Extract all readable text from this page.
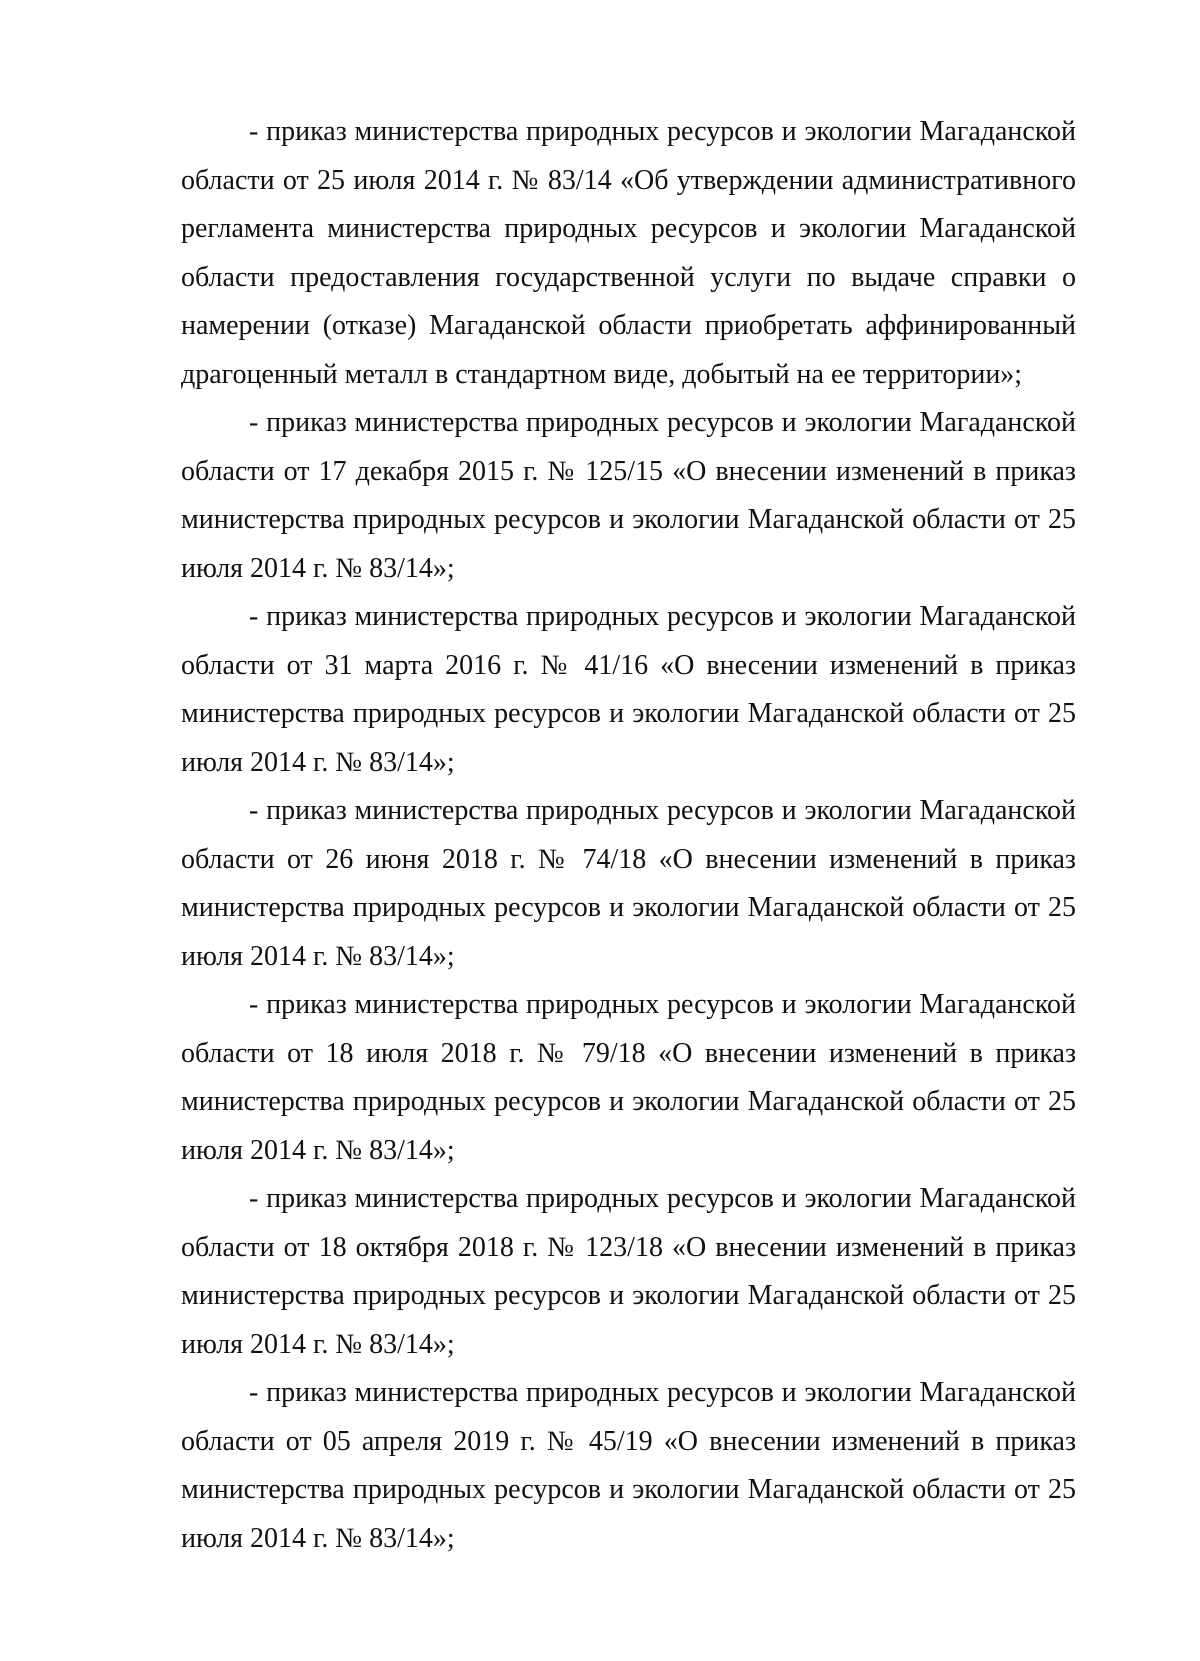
- приказ министерства природных ресурсов и экологии Магаданской области от 25 июля 2014 г. № 83/14 «Об утверждении административного регламента министерства природных ресурсов и экологии Магаданской области предоставления государственной услуги по выдаче справки о намерении (отказе) Магаданской области приобретать аффинированный драгоценный металл в стандартном виде, добытый на ее территории»;

- приказ министерства природных ресурсов и экологии Магаданской области от 17 декабря 2015 г. № 125/15 «О внесении изменений в приказ министерства природных ресурсов и экологии Магаданской области от 25 июля 2014 г. № 83/14»;

- приказ министерства природных ресурсов и экологии Магаданской области от 31 марта 2016 г. № 41/16 «О внесении изменений в приказ министерства природных ресурсов и экологии Магаданской области от 25 июля 2014 г. № 83/14»;

- приказ министерства природных ресурсов и экологии Магаданской области от 26 июня 2018 г. № 74/18 «О внесении изменений в приказ министерства природных ресурсов и экологии Магаданской области от 25 июля 2014 г. № 83/14»;

- приказ министерства природных ресурсов и экологии Магаданской области от 18 июля 2018 г. № 79/18 «О внесении изменений в приказ министерства природных ресурсов и экологии Магаданской области от 25 июля 2014 г. № 83/14»;

- приказ министерства природных ресурсов и экологии Магаданской области от 18 октября 2018 г. № 123/18 «О внесении изменений в приказ министерства природных ресурсов и экологии Магаданской области от 25 июля 2014 г. № 83/14»;

- приказ министерства природных ресурсов и экологии Магаданской области от 05 апреля 2019 г. № 45/19 «О внесении изменений в приказ министерства природных ресурсов и экологии Магаданской области от 25 июля 2014 г. № 83/14»;
